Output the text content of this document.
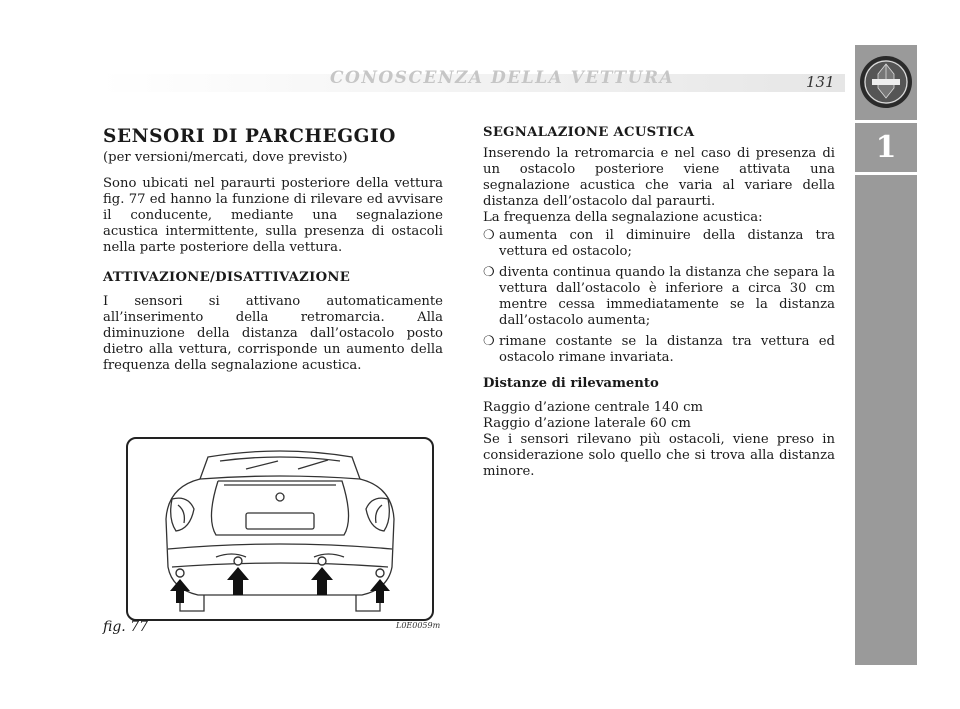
CONOSCENZA DELLA VETTURA	131
1

SENSORI DI PARCHEGGIO

(per versioni/mercati, dove previsto)

Sono ubicati nel paraurti posteriore della vettura fig. 77 ed hanno la funzione di rilevare ed avvisare il conducente, mediante una segnalazione acustica intermittente, sulla presenza di ostacoli nella parte posteriore della vettura.

ATTIVAZIONE/DISATTIVAZIONE

I sensori si attivano automaticamente all’inserimento della retromarcia. Alla diminuzione della distanza dall’ostacolo posto dietro alla vettura, corrisponde un aumento della frequenza della segnalazione acustica.

fig. 77	L0E0059m

SEGNALAZIONE ACUSTICA

Inserendo la retromarcia e nel caso di presenza di un ostacolo posteriore viene attivata una segnalazione acustica che varia al variare della distanza dell’ostacolo dal paraurti.

La frequenza della segnalazione acustica:

❍ aumenta con il diminuire della distanza tra vettura ed ostacolo;
❍ diventa continua quando la distanza che separa la vettura dall’ostacolo è inferiore a circa 30 cm mentre cessa immediatamente se la distanza dall’ostacolo aumenta;
❍ rimane costante se la distanza tra vettura ed ostacolo rimane invariata.

Distanze di rilevamento

Raggio d’azione centrale 140 cm

Raggio d’azione laterale 60 cm

Se i sensori rilevano più ostacoli, viene preso in considerazione solo quello che si trova alla distanza minore.
